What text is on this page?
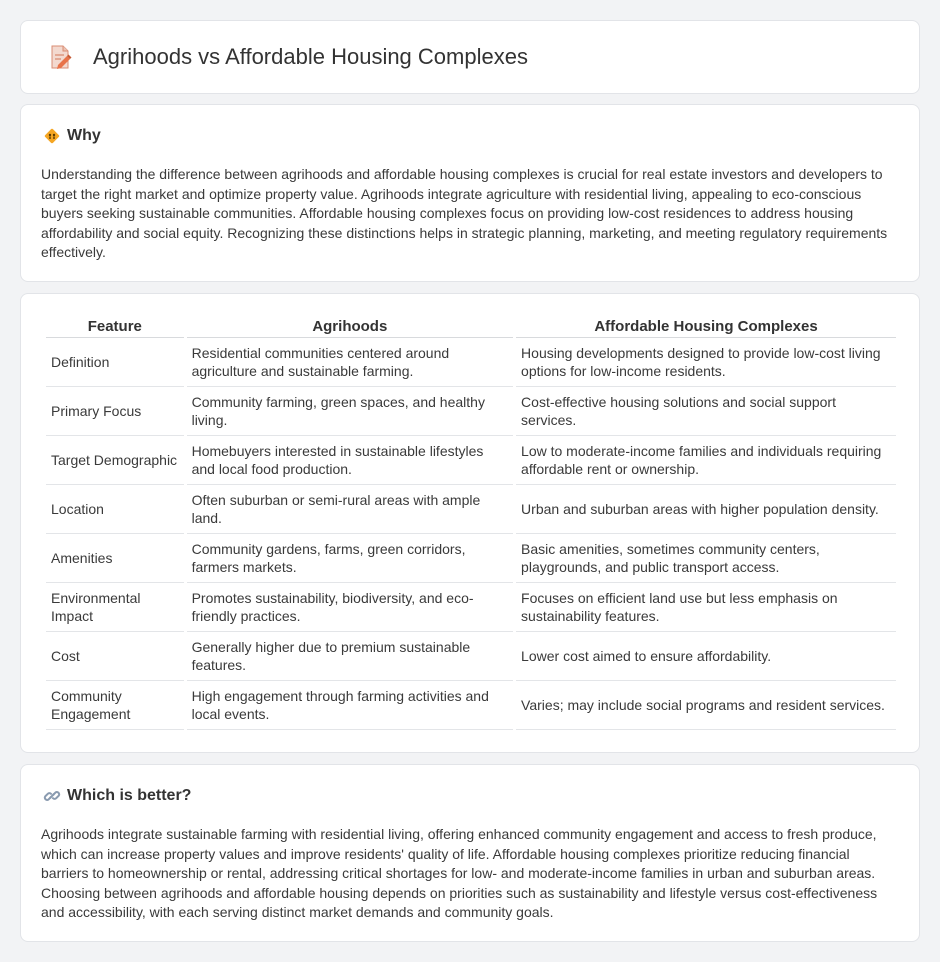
Agrihoods vs Affordable Housing Complexes
Why

Understanding the difference between agrihoods and affordable housing complexes is crucial for real estate investors and developers to target the right market and optimize property value. Agrihoods integrate agriculture with residential living, appealing to eco-conscious buyers seeking sustainable communities. Affordable housing complexes focus on providing low-cost residences to address housing affordability and social equity. Recognizing these distinctions helps in strategic planning, marketing, and meeting regulatory requirements effectively.

Feature	Agrihoods	Affordable Housing Complexes
Definition	Residential communities centered around agriculture and sustainable farming.	Housing developments designed to provide low-cost living options for low-income residents.
Primary Focus	Community farming, green spaces, and healthy living.	Cost-effective housing solutions and social support services.
Target Demographic	Homebuyers interested in sustainable lifestyles and local food production.	Low to moderate-income families and individuals requiring affordable rent or ownership.
Location	Often suburban or semi-rural areas with ample land.	Urban and suburban areas with higher population density.
Amenities	Community gardens, farms, green corridors, farmers markets.	Basic amenities, sometimes community centers, playgrounds, and public transport access.
Environmental Impact	Promotes sustainability, biodiversity, and eco-friendly practices.	Focuses on efficient land use but less emphasis on sustainability features.
Cost	Generally higher due to premium sustainable features.	Lower cost aimed to ensure affordability.
Community Engagement	High engagement through farming activities and local events.	Varies; may include social programs and resident services.
Which is better?

Agrihoods integrate sustainable farming with residential living, offering enhanced community engagement and access to fresh produce, which can increase property values and improve residents' quality of life. Affordable housing complexes prioritize reducing financial barriers to homeownership or rental, addressing critical shortages for low- and moderate-income families in urban and suburban areas. Choosing between agrihoods and affordable housing depends on priorities such as sustainability and lifestyle versus cost-effectiveness and accessibility, with each serving distinct market demands and community goals.
